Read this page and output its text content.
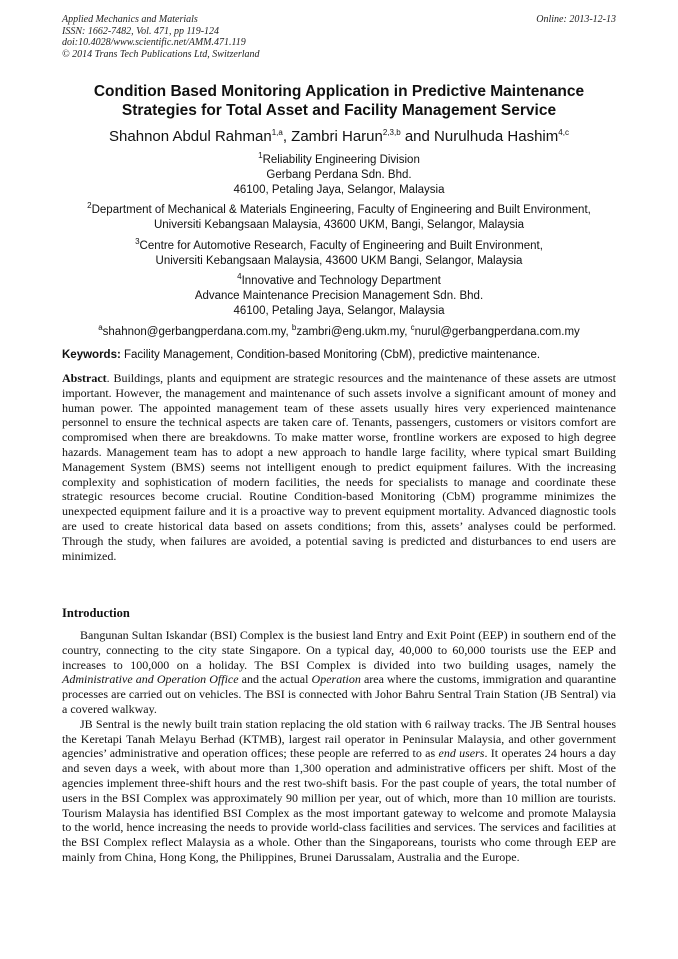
Applied Mechanics and Materials
ISSN: 1662-7482, Vol. 471, pp 119-124
doi:10.4028/www.scientific.net/AMM.471.119
© 2014 Trans Tech Publications Ltd, Switzerland
Online: 2013-12-13
Condition Based Monitoring Application in Predictive Maintenance
Strategies for Total Asset and Facility Management Service
Shahnon Abdul Rahman$^{1,a}$, Zambri Harun$^{2,3,b}$ and Nurulhuda Hashim$^{4,c}$
$^1$Reliability Engineering Division
Gerbang Perdana Sdn. Bhd.
46100, Petaling Jaya, Selangor, Malaysia
$^2$Department of Mechanical & Materials Engineering, Faculty of Engineering and Built Environment,
Universiti Kebangsaan Malaysia, 43600 UKM, Bangi, Selangor, Malaysia
$^3$Centre for Automotive Research, Faculty of Engineering and Built Environment,
Universiti Kebangsaan Malaysia, 43600 UKM Bangi, Selangor, Malaysia
$^4$Innovative and Technology Department
Advance Maintenance Precision Management Sdn. Bhd.
46100, Petaling Jaya, Selangor, Malaysia
$^a$shahnon@gerbangperdana.com.my, $^b$zambri@eng.ukm.my, $^c$nurul@gerbangperdana.com.my
Keywords: Facility Management, Condition-based Monitoring (CbM), predictive maintenance.
Abstract. Buildings, plants and equipment are strategic resources and the maintenance of these assets are utmost important. However, the management and maintenance of such assets involve a significant amount of money and human power. The appointed management team of these assets usually hires very experienced maintenance personnel to ensure the technical aspects are taken care of. Tenants, passengers, customers or visitors comfort are compromised when there are breakdowns. To make matter worse, frontline workers are exposed to high degree hazards. Management team has to adopt a new approach to handle large facility, where typical smart Building Management System (BMS) seems not intelligent enough to predict equipment failures. With the increasing complexity and sophistication of modern facilities, the needs for specialists to manage and coordinate these strategic resources become crucial. Routine Condition-based Monitoring (CbM) programme minimizes the unexpected equipment failure and it is a proactive way to prevent equipment mortality. Advanced diagnostic tools are used to create historical data based on assets conditions; from this, assets’ analyses could be performed. Through the study, when failures are avoided, a potential saving is predicted and disturbances to end users are minimized.
Introduction

Bangunan Sultan Iskandar (BSI) Complex is the busiest land Entry and Exit Point (EEP) in southern end of the country, connecting to the city state Singapore. On a typical day, 40,000 to 60,000 tourists use the EEP and increases to 100,000 on a holiday. The BSI Complex is divided into two building usages, namely the Administrative and Operation Office and the actual Operation area where the customs, immigration and quarantine processes are carried out on vehicles. The BSI is connected with Johor Bahru Sentral Train Station (JB Sentral) via a covered walkway.

JB Sentral is the newly built train station replacing the old station with 6 railway tracks. The JB Sentral houses the Keretapi Tanah Melayu Berhad (KTMB), largest rail operator in Peninsular Malaysia, and other government agencies’ administrative and operation offices; these people are referred to as end users. It operates 24 hours a day and seven days a week, with about more than 1,300 operation and administrative officers per shift. Most of the agencies implement three-shift hours and the rest two-shift basis. For the past couple of years, the total number of users in the BSI Complex was approximately 90 million per year, out of which, more than 10 million are tourists. Tourism Malaysia has identified BSI Complex as the most important gateway to welcome and promote Malaysia to the world, hence increasing the needs to provide world-class facilities and services. The services and facilities at the BSI Complex reflect Malaysia as a whole. Other than the Singaporeans, tourists who come through EEP are mainly from China, Hong Kong, the Philippines, Brunei Darussalam, Australia and the Europe.
